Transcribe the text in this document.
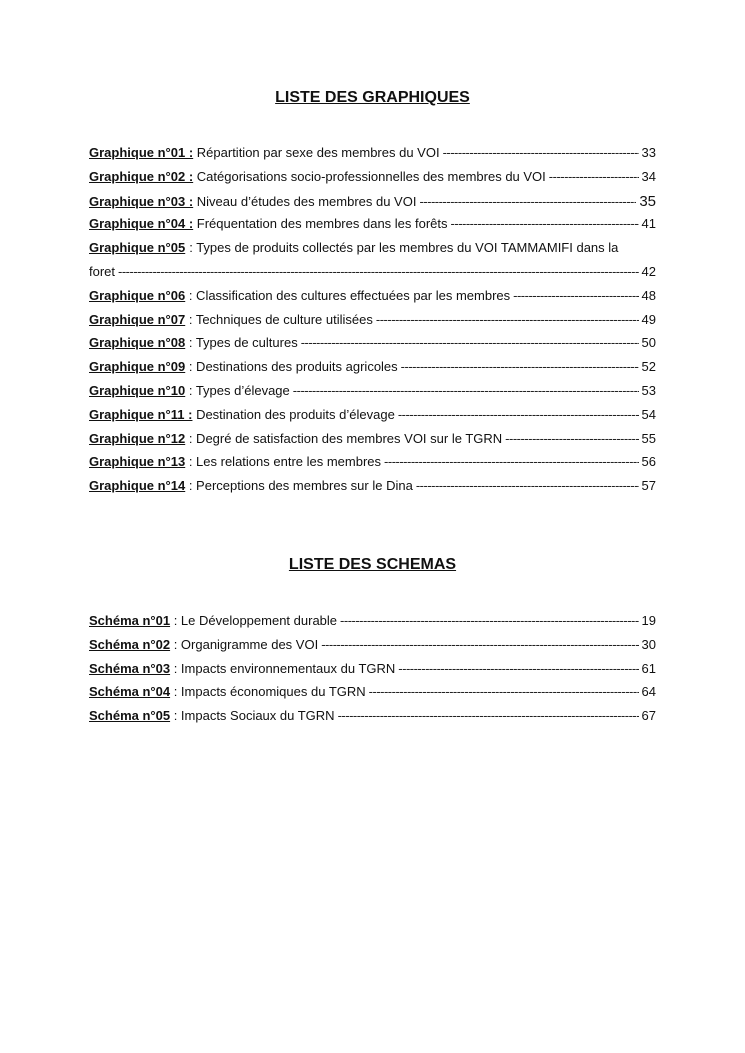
LISTE DES GRAPHIQUES
Graphique n°01 : Répartition par sexe des membres du VOI -----	33
Graphique n°02 : Catégorisations socio-professionnelles des membres du VOI -----	34
Graphique n°03 : Niveau d’études des membres du VOI -----	35
Graphique n°04 : Fréquentation des membres dans les forêts -----	41
Graphique n°05 : Types de produits collectés par les membres du VOI TAMMAMIFI dans la
foret -----	42
Graphique n°06 : Classification des cultures effectuées par les membres -----	48
Graphique n°07 : Techniques de culture utilisées -----	49
Graphique n°08 : Types de cultures -----	50
Graphique n°09 : Destinations des produits agricoles -----	52
Graphique n°10 : Types d’élevage -----	53
Graphique n°11 : Destination des produits d’élevage -----	54
Graphique n°12 : Degré de satisfaction des membres VOI sur le TGRN -----	55
Graphique n°13 : Les relations entre les membres -----	56
Graphique n°14 : Perceptions des membres sur le Dina -----	57
LISTE DES SCHEMAS
Schéma n°01 : Le Développement durable -----	19
Schéma n°02 : Organigramme des VOI -----	30
Schéma n°03 : Impacts environnementaux du TGRN -----	61
Schéma n°04 : Impacts économiques du TGRN -----	64
Schéma n°05 : Impacts Sociaux du TGRN -----	67
